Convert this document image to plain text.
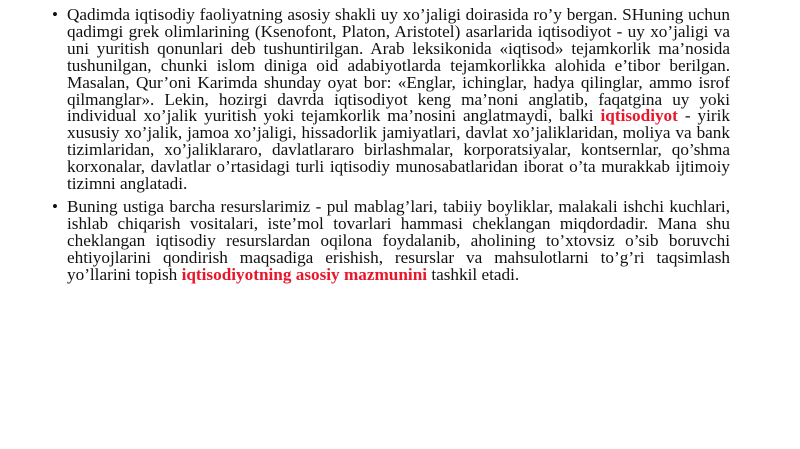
• Qadimda iqtisodiy faoliyatning asosiy shakli uy xo’jaligi doirasida ro’y bergan. SHuning uchun qadimgi grek olimlarining (Ksenofont, Platon, Aristotel) asarlarida iqtisodiyot - uy xo’jaligi va uni yuritish qonunlari deb tushuntirilgan. Arab leksikonida «iqtisod» tejamkorlik ma’nosida tushunilgan, chunki islom diniga oid adabiyotlarda tejamkorlikka alohida e’tibor berilgan. Masalan, Qur’oni Karimda shunday oyat bor: «Englar, ichinglar, hadya qilinglar, ammo isrof qilmanglar». Lekin, hozirgi davrda iqtisodiyot keng ma’noni anglatib, faqatgina uy yoki individual xo’jalik yuritish yoki tejamkorlik ma’nosini anglatmaydi, balki iqtisodiyot - yirik xususiy xo’jalik, jamoa xo’jaligi, hissadorlik jamiyatlari, davlat xo’jaliklaridan, moliya va bank tizimlaridan, xo’jaliklararo, davlatlararo birlashmalar, korporatsiyalar, kontsernlar, qo’shma korxonalar, davlatlar o’rtasidagi turli iqtisodiy munosabatlaridan iborat o’ta murakkab ijtimoiy tizimni anglatadi.
• Buning ustiga barcha resurslarimiz - pul mablag’lari, tabiiy boyliklar, malakali ishchi kuchlari, ishlab chiqarish vositalari, iste’mol tovarlari hammasi cheklangan miqdordadir. Mana shu cheklangan iqtisodiy resurslardan oqilona foydalanib, aholining to’xtovsiz o’sib boruvchi ehtiyojlarini qondirish maqsadiga erishish, resurslar va mahsulotlarni to’g’ri taqsimlash yo’llarini topish iqtisodiyotning asosiy mazmunini tashkil etadi.
